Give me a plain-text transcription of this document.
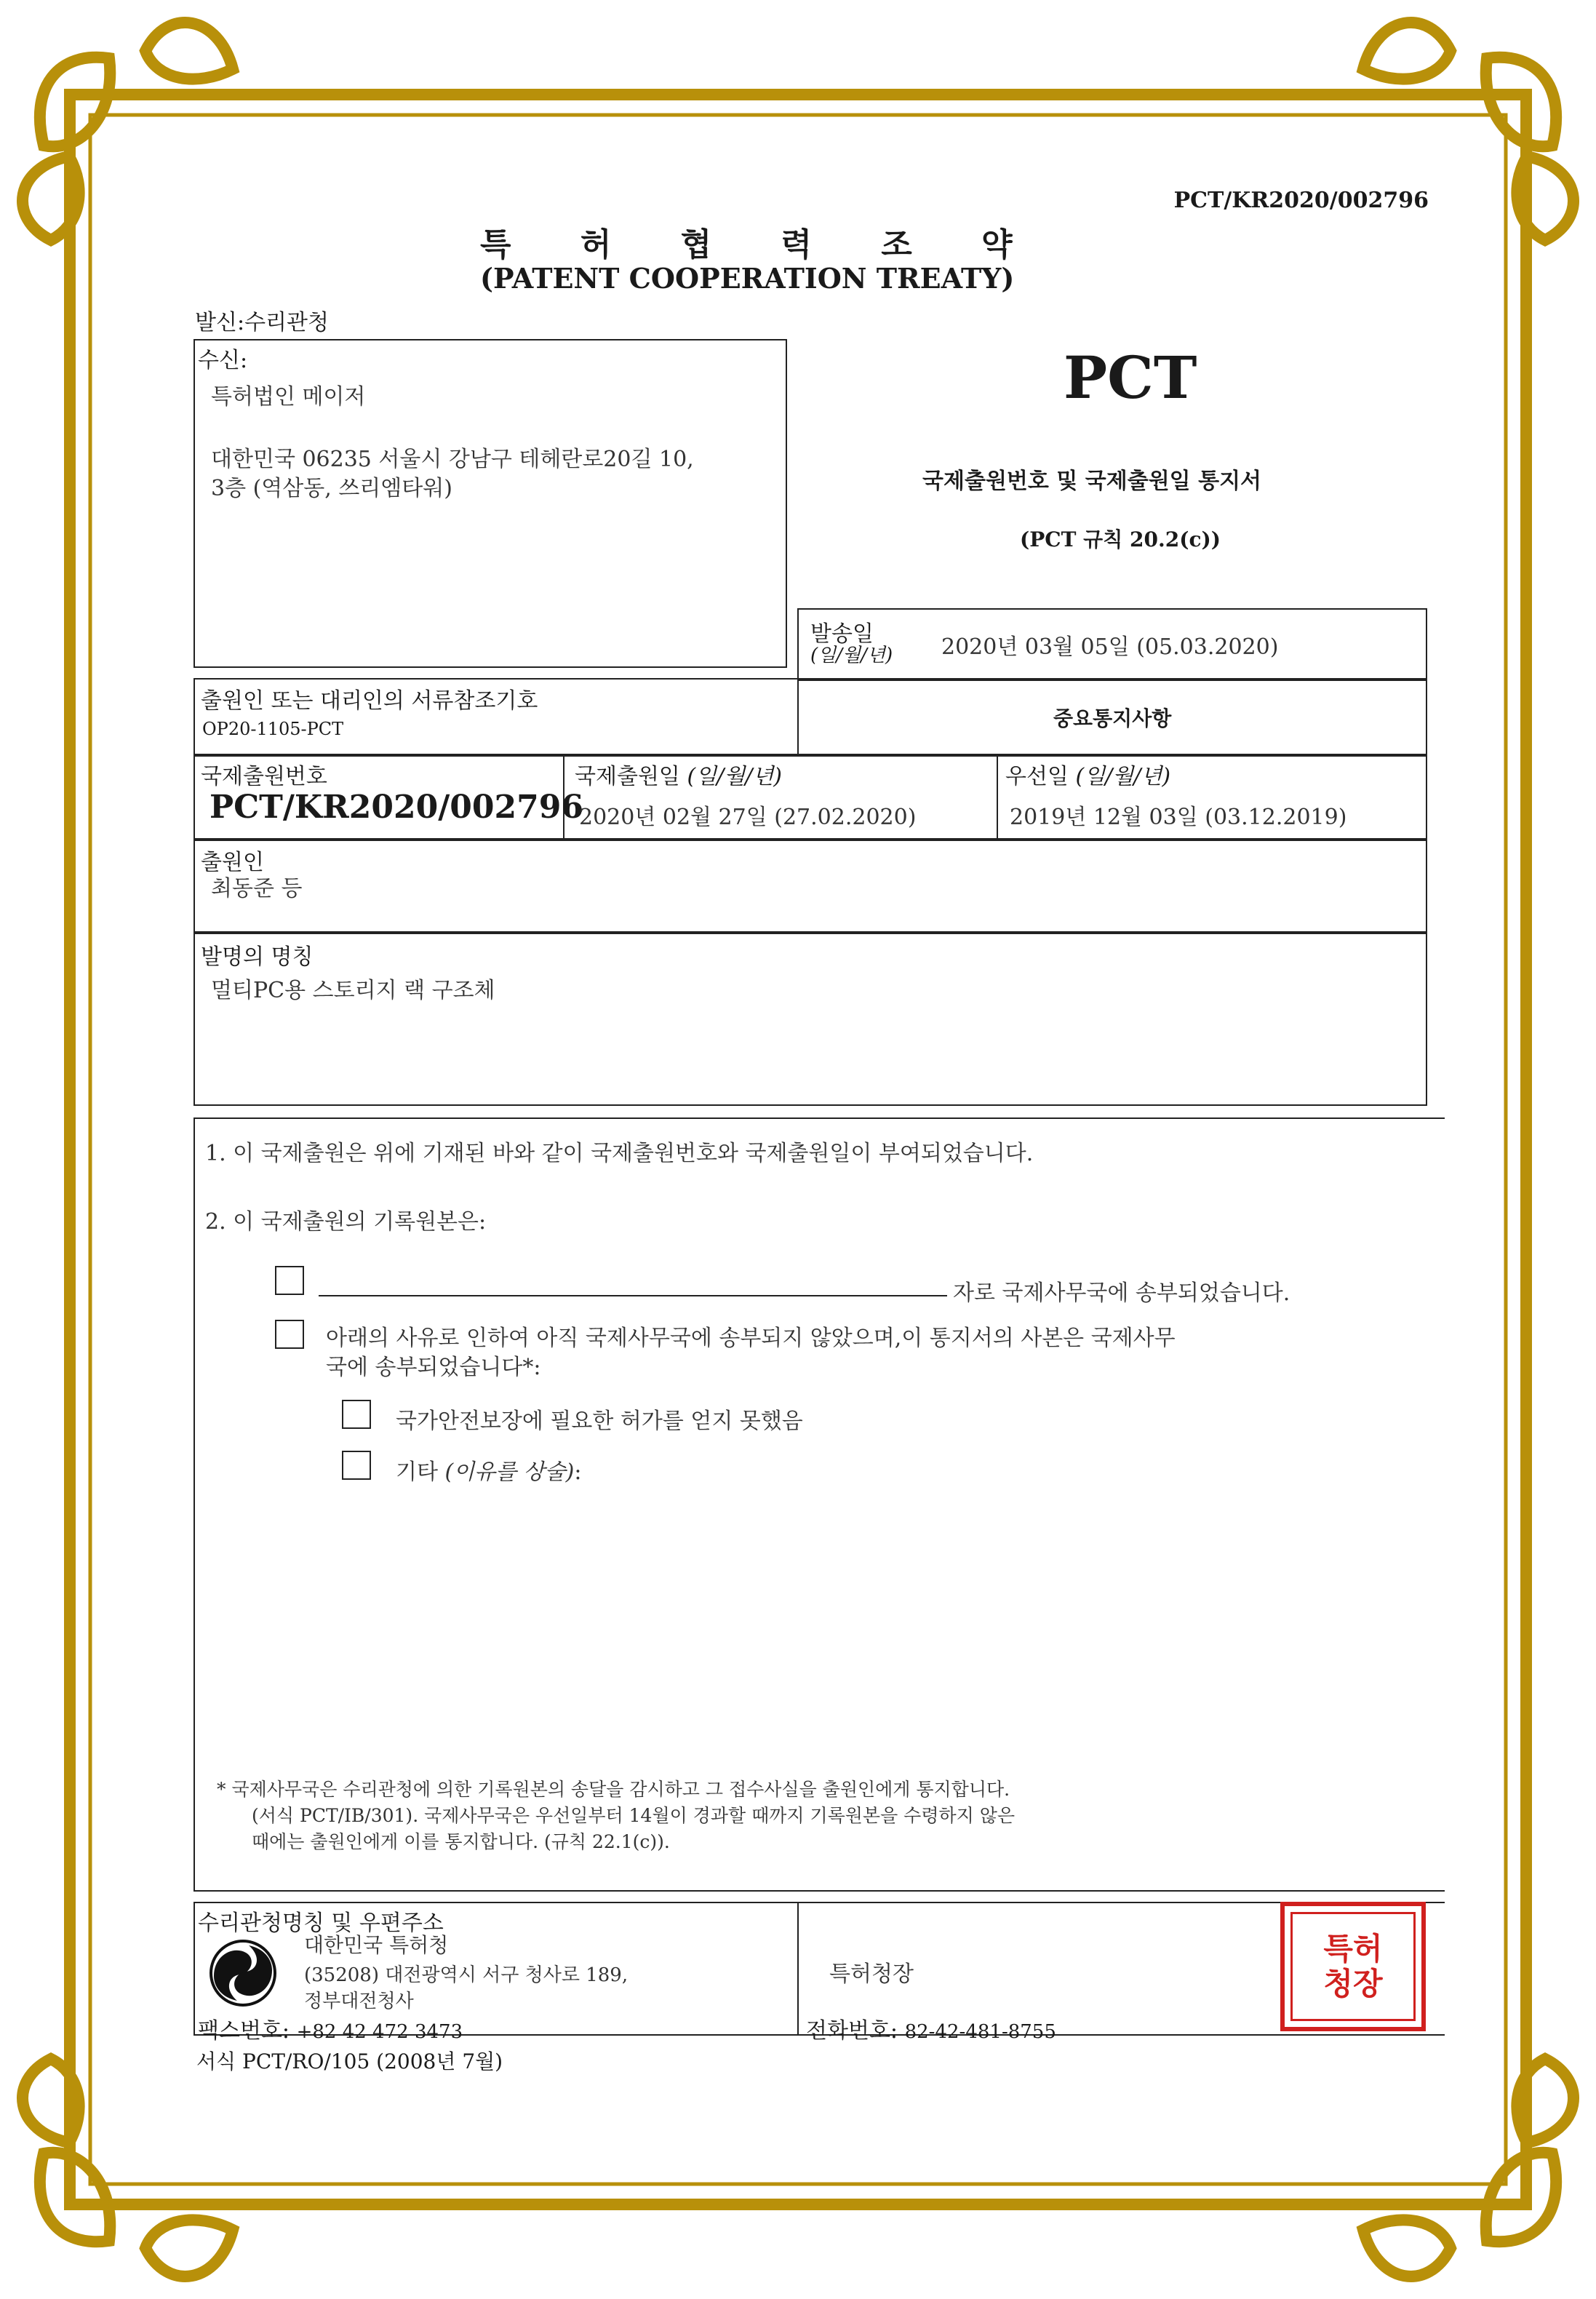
PCT/KR2020/002796
특 허 협 력 조 약
(PATENT COOPERATION TREATY)
발신:수리관청
수신:
특허법인 메이저
대한민국 06235 서울시 강남구 테헤란로20길 10,
3층 (역삼동, 쓰리엠타워)
PCT
국제출원번호 및 국제출원일 통지서
(PCT 규칙 20.2(c))
발송일
(일/월/년) 2020년 03월 05일 (05.03.2020)
출원인 또는 대리인의 서류참조기호
OP20-1105-PCT	중요통지사항
국제출원번호
PCT/KR2020/002796
국제출원일 (일/월/년)
2020년 02월 27일 (27.02.2020)
우선일 (일/월/년)
2019년 12월 03일 (03.12.2019)
출원인
최동준 등
발명의 명칭
멀티PC용 스토리지 랙 구조체
1. 이 국제출원은 위에 기재된 바와 같이 국제출원번호와 국제출원일이 부여되었습니다.
2. 이 국제출원의 기록원본은:
자로 국제사무국에 송부되었습니다.
아래의 사유로 인하여 아직 국제사무국에 송부되지 않았으며,이 통지서의 사본은 국제사무
국에 송부되었습니다*:
국가안전보장에 필요한 허가를 얻지 못했음
기타 (이유를 상술):
* 국제사무국은 수리관청에 의한 기록원본의 송달을 감시하고 그 접수사실을 출원인에게 통지합니다.
(서식 PCT/IB/301). 국제사무국은 우선일부터 14월이 경과할 때까지 기록원본을 수령하지 않은
때에는 출원인에게 이를 통지합니다. (규칙 22.1(c)).
수리관청명칭 및 우편주소
대한민국 특허청
(35208) 대전광역시 서구 청사로 189,
정부대전청사
팩스번호: +82 42 472 3473
특허청장
전화번호: 82-42-481-8755
특허청장
서식 PCT/RO/105 (2008년 7월)
